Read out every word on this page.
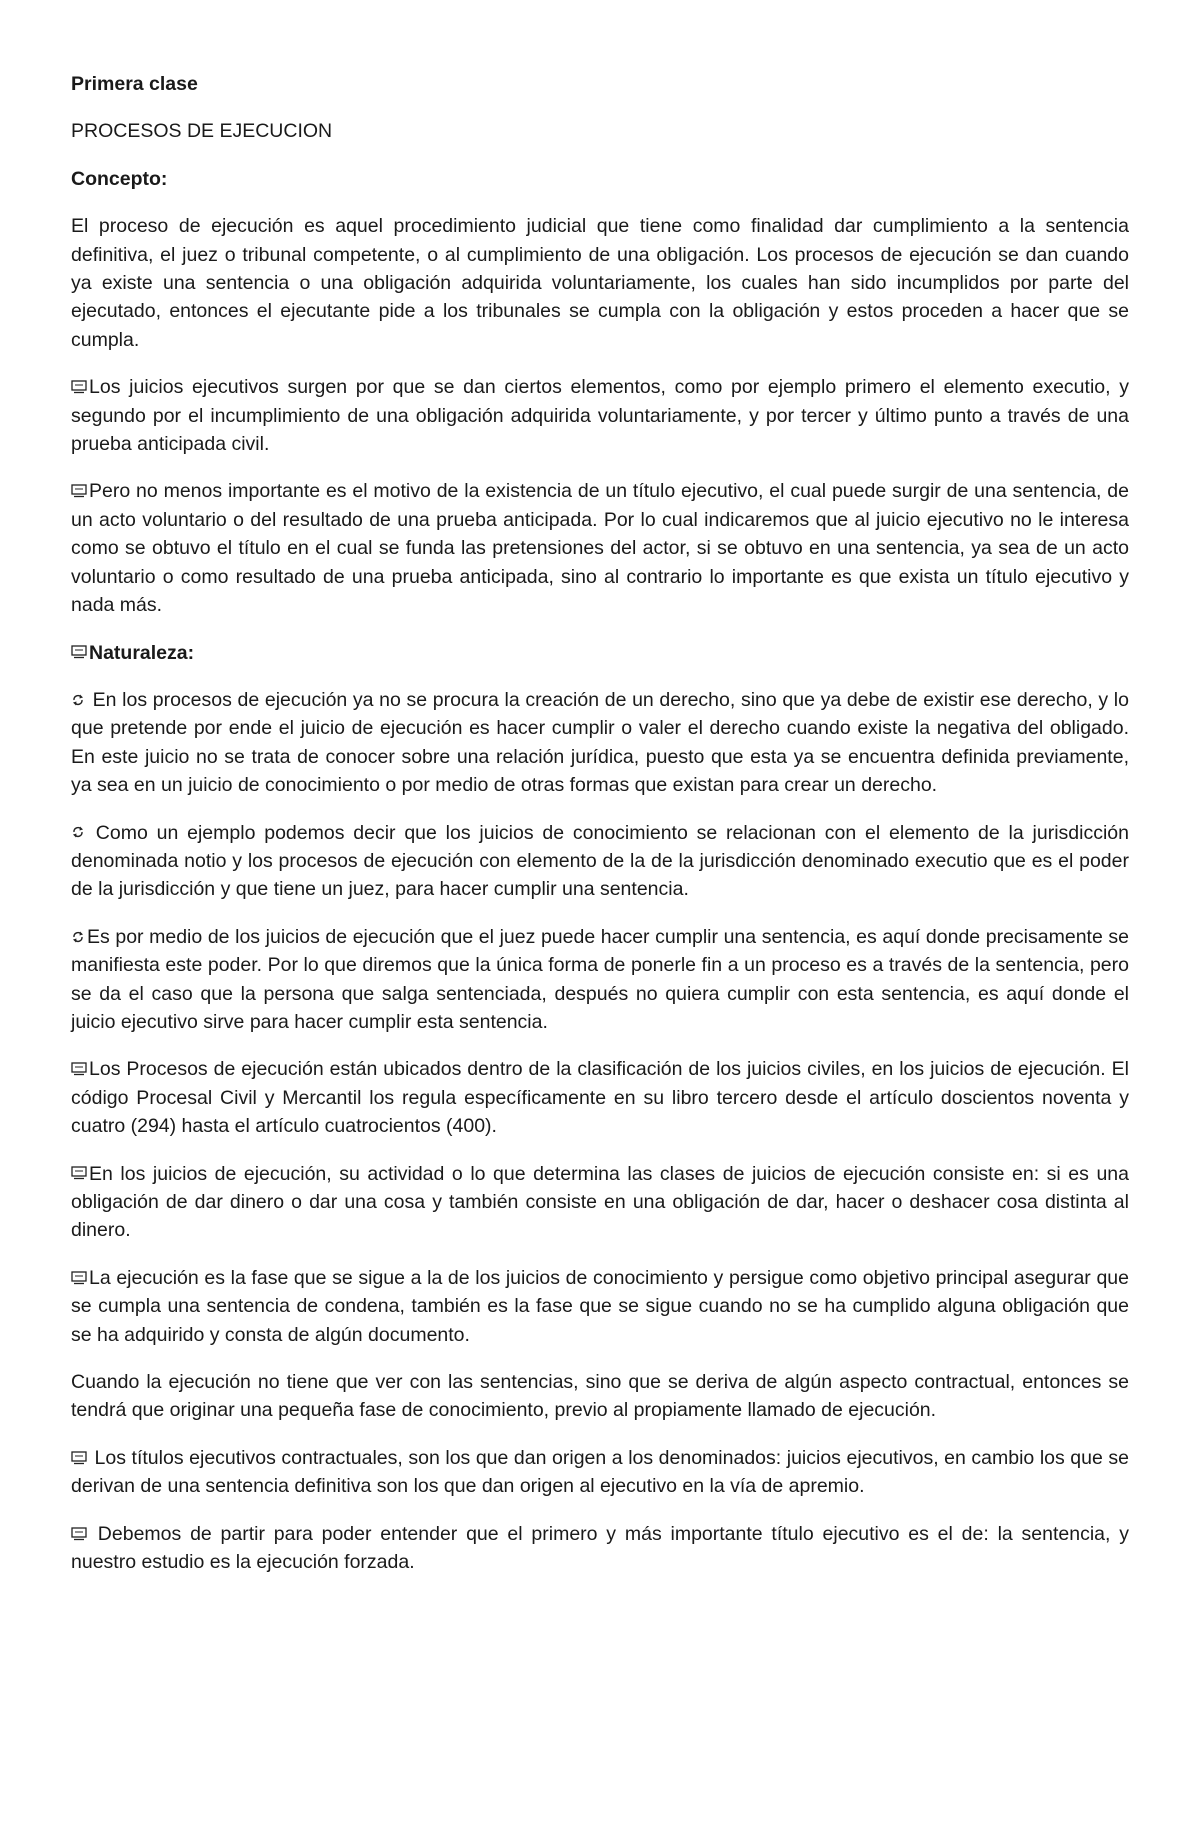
Primera clase
PROCESOS DE EJECUCION
Concepto:

El proceso de ejecución es aquel procedimiento judicial que tiene como finalidad dar cumplimiento a la sentencia definitiva, el juez o tribunal competente, o al cumplimiento de una obligación. Los procesos de ejecución se dan cuando ya existe una sentencia o una obligación adquirida voluntariamente, los cuales han sido incumplidos por parte del ejecutado, entonces el ejecutante pide a los tribunales se cumpla con la obligación y estos proceden a hacer que se cumpla.

Los juicios ejecutivos surgen por que se dan ciertos elementos, como por ejemplo primero el elemento executio, y segundo por el incumplimiento de una obligación adquirida voluntariamente, y por tercer y último punto a través de una prueba anticipada civil.

Pero no menos importante es el motivo de la existencia de un título ejecutivo, el cual puede surgir de una sentencia, de un acto voluntario o del resultado de una prueba anticipada. Por lo cual indicaremos que al juicio ejecutivo no le interesa como se obtuvo el título en el cual se funda las pretensiones del actor, si se obtuvo en una sentencia, ya sea de un acto voluntario o como resultado de una prueba anticipada, sino al contrario lo importante es que exista un título ejecutivo y nada más.

Naturaleza:

En los procesos de ejecución ya no se procura la creación de un derecho, sino que ya debe de existir ese derecho, y lo que pretende por ende el juicio de ejecución es hacer cumplir o valer el derecho cuando existe la negativa del obligado. En este juicio no se trata de conocer sobre una relación jurídica, puesto que esta ya se encuentra definida previamente, ya sea en un juicio de conocimiento o por medio de otras formas que existan para crear un derecho.

Como un ejemplo podemos decir que los juicios de conocimiento se relacionan con el elemento de la jurisdicción denominada notio y los procesos de ejecución con elemento de la de la jurisdicción denominado executio que es el poder de la jurisdicción y que tiene un juez, para hacer cumplir una sentencia.

Es por medio de los juicios de ejecución que el juez puede hacer cumplir una sentencia, es aquí donde precisamente se manifiesta este poder. Por lo que diremos que la única forma de ponerle fin a un proceso es a través de la sentencia, pero se da el caso que la persona que salga sentenciada, después no quiera cumplir con esta sentencia, es aquí donde el juicio ejecutivo sirve para hacer cumplir esta sentencia.

Los Procesos de ejecución están ubicados dentro de la clasificación de los juicios civiles, en los juicios de ejecución. El código Procesal Civil y Mercantil los regula específicamente en su libro tercero desde el artículo doscientos noventa y cuatro (294) hasta el artículo cuatrocientos (400).

En los juicios de ejecución, su actividad o lo que determina las clases de juicios de ejecución consiste en: si es una obligación de dar dinero o dar una cosa y también consiste en una obligación de dar, hacer o deshacer cosa distinta al dinero.

La ejecución es la fase que se sigue a la de los juicios de conocimiento y persigue como objetivo principal asegurar que se cumpla una sentencia de condena, también es la fase que se sigue cuando no se ha cumplido alguna obligación que se ha adquirido y consta de algún documento.

Cuando la ejecución no tiene que ver con las sentencias, sino que se deriva de algún aspecto contractual, entonces se tendrá que originar una pequeña fase de conocimiento, previo al propiamente llamado de ejecución.

Los títulos ejecutivos contractuales, son los que dan origen a los denominados: juicios ejecutivos, en cambio los que se derivan de una sentencia definitiva son los que dan origen al ejecutivo en la vía de apremio.

Debemos de partir para poder entender que el primero y más importante título ejecutivo es el de: la sentencia, y nuestro estudio es la ejecución forzada.
